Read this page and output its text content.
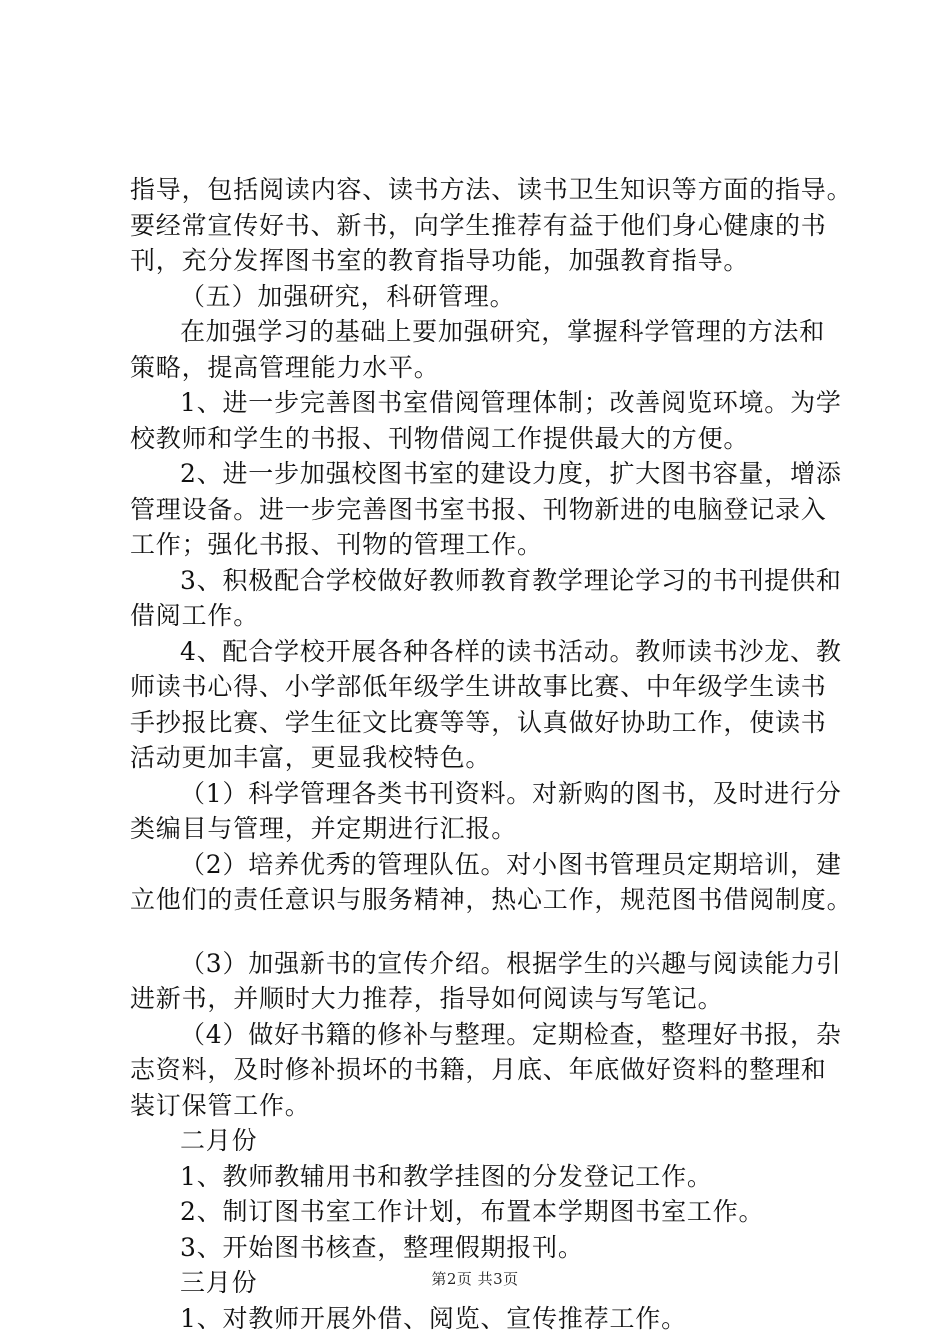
指导，包括阅读内容、读书方法、读书卫生知识等方面的指导。
要经常宣传好书、新书，向学生推荐有益于他们身心健康的书
刊，充分发挥图书室的教育指导功能，加强教育指导。
（五）加强研究，科研管理。
在加强学习的基础上要加强研究，掌握科学管理的方法和
策略，提高管理能力水平。
1、进一步完善图书室借阅管理体制；改善阅览环境。为学
校教师和学生的书报、刊物借阅工作提供最大的方便。
2、进一步加强校图书室的建设力度，扩大图书容量，增添
管理设备。进一步完善图书室书报、刊物新进的电脑登记录入
工作；强化书报、刊物的管理工作。
3、积极配合学校做好教师教育教学理论学习的书刊提供和
借阅工作。
4、配合学校开展各种各样的读书活动。教师读书沙龙、教
师读书心得、小学部低年级学生讲故事比赛、中年级学生读书
手抄报比赛、学生征文比赛等等，认真做好协助工作，使读书
活动更加丰富，更显我校特色。
（1）科学管理各类书刊资料。对新购的图书，及时进行分
类编目与管理，并定期进行汇报。
（2）培养优秀的管理队伍。对小图书管理员定期培训，建
立他们的责任意识与服务精神，热心工作，规范图书借阅制度。
（3）加强新书的宣传介绍。根据学生的兴趣与阅读能力引
进新书，并顺时大力推荐，指导如何阅读与写笔记。
（4）做好书籍的修补与整理。定期检查，整理好书报，杂
志资料，及时修补损坏的书籍，月底、年底做好资料的整理和
装订保管工作。
二月份
1、教师教辅用书和教学挂图的分发登记工作。
2、制订图书室工作计划，布置本学期图书室工作。
3、开始图书核查，整理假期报刊。
三月份
1、对教师开展外借、阅览、宣传推荐工作。
第2页 共3页
